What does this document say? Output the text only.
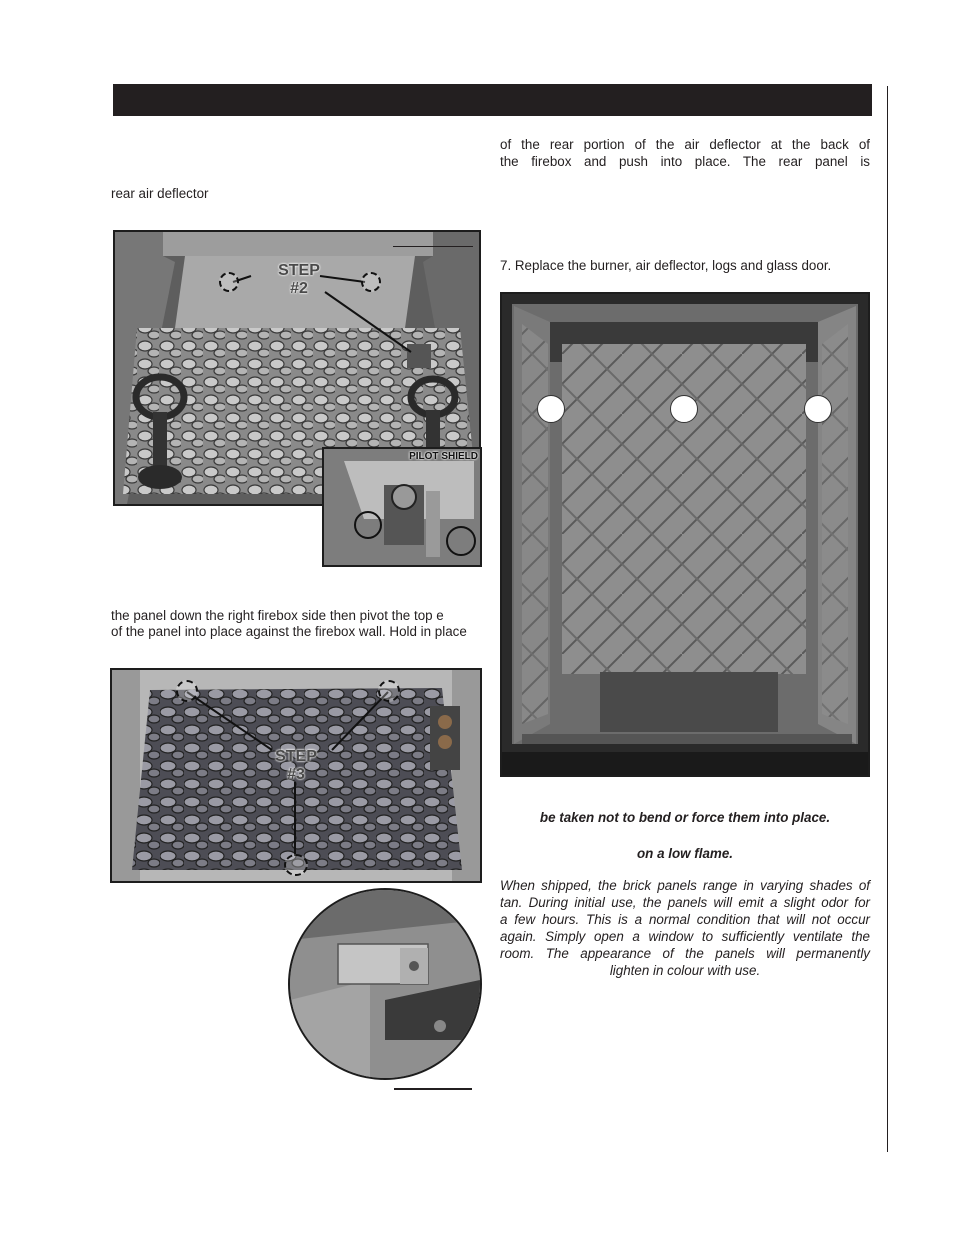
of the rear portion of the air deflector at the back of
the firebox and push into place. The rear panel is
rear air deflector
STEP
#2
PILOT SHIELD
the panel down the right firebox side then pivot the top e
of the panel into place against the firebox wall. Hold in place
STEP
#3
7. Replace the burner, air deflector, logs and glass door.
be taken not to bend or force them into place.
on a low flame.
When shipped, the brick panels range in varying shades of
tan. During initial use, the panels will emit a slight odor for
a few hours. This is a normal condition that will not occur
again. Simply open a window to sufficiently ventilate the
room. The appearance of the panels will permanently
lighten in colour with use.
